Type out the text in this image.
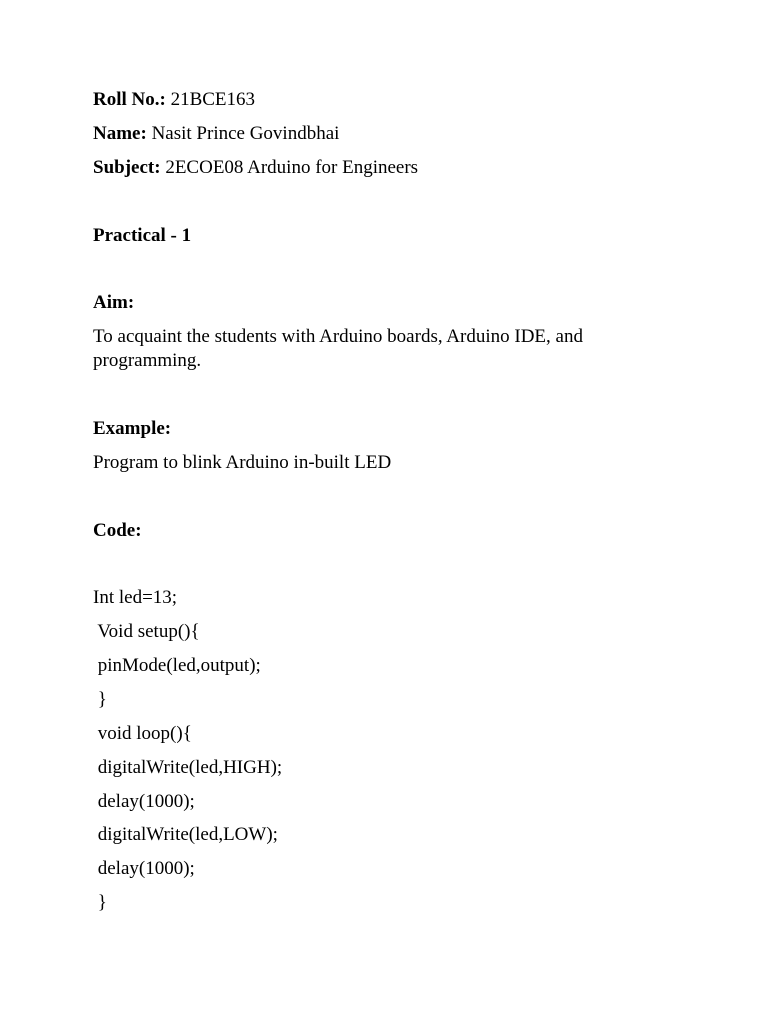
Roll No.: 21BCE163
Name: Nasit Prince Govindbhai
Subject: 2ECOE08 Arduino for Engineers
Practical - 1
Aim:
To acquaint the students with Arduino boards, Arduino IDE, and programming.
Example:
Program to blink Arduino in-built LED
Code:
Int led=13;
Void setup(){
pinMode(led,output);
}
void loop(){
digitalWrite(led,HIGH);
delay(1000);
digitalWrite(led,LOW);
delay(1000);
}
